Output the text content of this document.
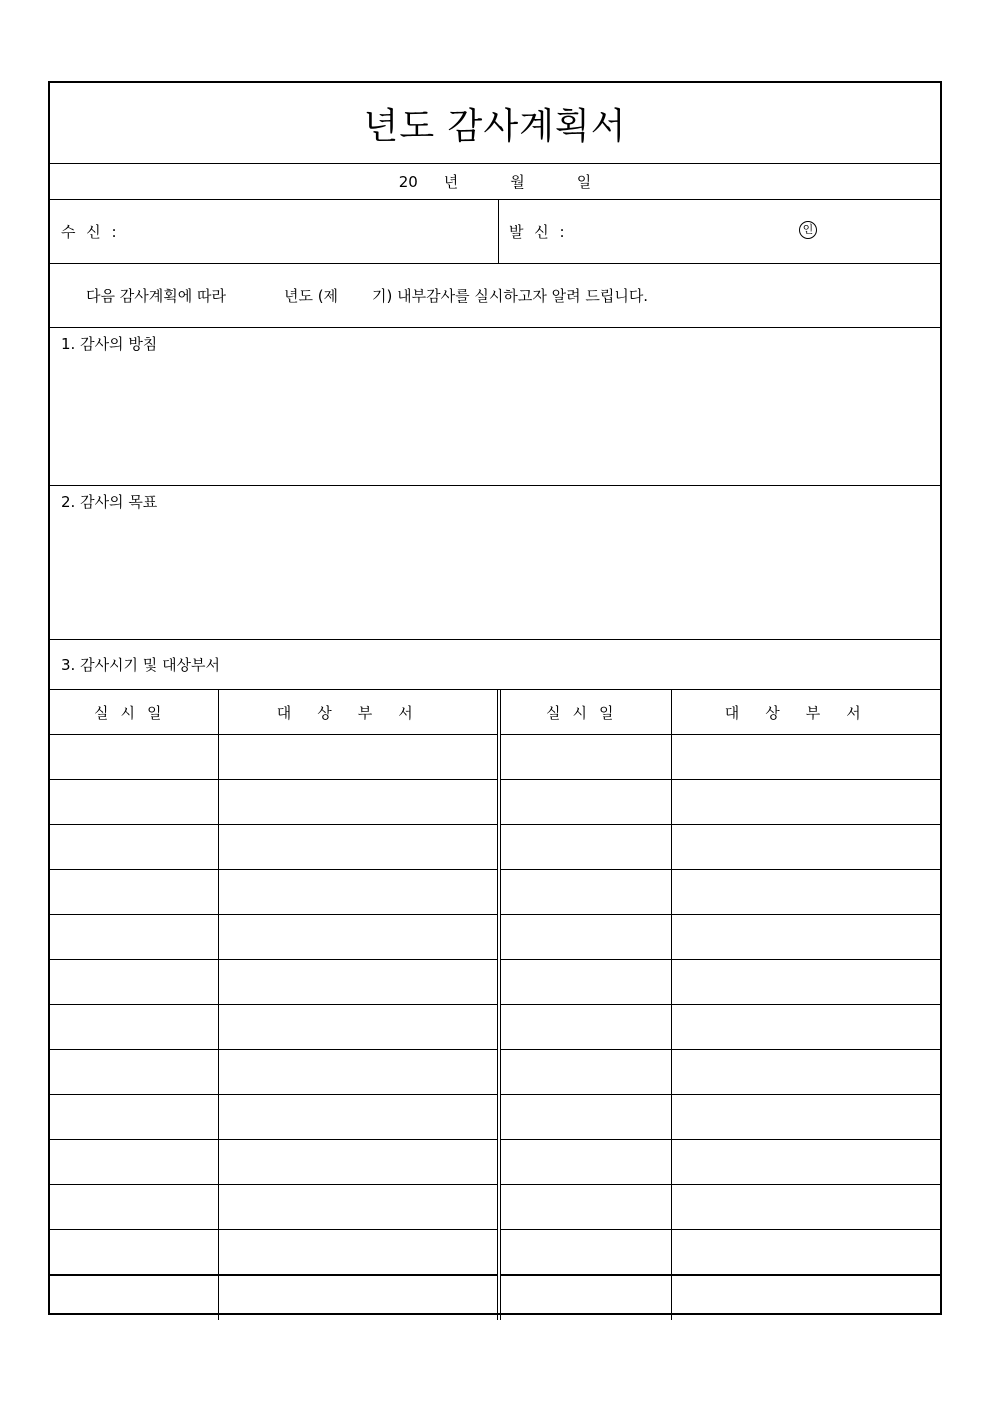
년도 감사계획서
20 년	월	일
수 신 :	발 신 :	인
다음 감사계획에 따라	년도 (제 기) 내부감사를 실시하고자 알려 드립니다.
1. 감사의 방침
2. 감사의 목표
3. 감사시기 및 대상부서
실시일	대상부서	실시일	대상부서
